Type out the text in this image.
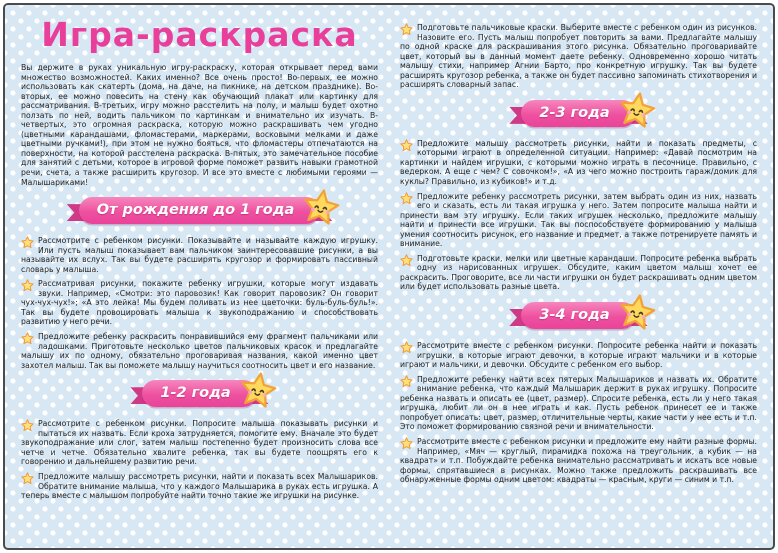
Игра-раскраска

Вы держите в руках уникальную игру-раскраску, которая открывает перед вами множество возможностей. Каких именно? Все очень просто! Во-первых, ее можно использовать как скатерть (дома, на даче, на пикнике, на детском празднике). Во-вторых, ее можно повесить на стену как обучающий плакат или картинку для рассматривания. В-третьих, игру можно расстелить на полу, и малыш будет охотно ползать по ней, водить пальчиком по картинкам и внимательно их изучать. В-четвертых, это огромная раскраска, которую можно раскрашивать чем угодно (цветными карандашами, фломастерами, маркерами, восковыми мелками и даже цветными ручками!), при этом не нужно бояться, что фломастеры отпечатаются на поверхности, на которой расстелена раскраска. В-пятых, это замечательное пособие для занятий с детьми, которое в игровой форме поможет развить навыки грамотной речи, счета, а также расширить кругозор. И все это вместе с любимыми героями — Малышариками!

От рождения до 1 года

Рассмотрите с ребенком рисунки. Показывайте и называйте каждую игрушку. Или пусть малыш показывает вам пальчиком заинтересовавшие рисунки, а вы называйте их вслух. Так вы будете расширять кругозор и формировать пассивный словарь у малыша.

Рассматривая рисунки, покажите ребенку игрушки, которые могут издавать звуки. Например, «Смотри: это паровозик! Как говорит паровозик? Он говорит чух-чух-чух!»; «А это лейка! Мы будем поливать из нее цветочки: буль-буль-буль!». Так вы будете провоцировать малыша к звукоподражанию и способствовать развитию у него речи.

Предложите ребенку раскрасить понравившийся ему фрагмент пальчиками или ладошками. Приготовьте несколько цветов пальчиковых красок и предлагайте малышу их по одному, обязательно проговаривая названия, какой именно цвет захотел малыш. Так вы поможете малышу научиться соотносить цвет и его название.

1-2 года

Рассмотрите с ребенком рисунки. Попросите малыша показывать рисунки и пытаться их назвать. Если кроха затрудняется, помогите ему. Вначале это будет звукоподражание или слог, затем малыш постепенно будет произносить слова все четче и четче. Обязательно хвалите ребенка, так вы будете поощрять его к говорению и дальнейшему развитию речи.

Предложите малышу рассмотреть рисунки, найти и показать всех Малышариков. Обратите внимание малыша, что у каждого Малышарика в руках есть игрушка. А теперь вместе с малышом попробуйте найти точно такие же игрушки на рисунке.

Подготовьте пальчиковые краски. Выберите вместе с ребенком один из рисунков. Назовите его. Пусть малыш попробует повторить за вами. Предлагайте малышу по одной краске для раскрашивания этого рисунка. Обязательно проговаривайте цвет, который вы в данный момент даете ребенку. Одновременно хорошо читать малышу стихи, например Агнии Барто, про конкретную игрушку. Так вы будете расширять кругозор ребенка, а также он будет пассивно запоминать стихотворения и расширять словарный запас.

2-3 года

Предложите малышу рассмотреть рисунки, найти и показать предметы, с которыми играют в определенной ситуации. Например: «Давай посмотрим на картинки и найдем игрушки, с которыми можно играть в песочнице. Правильно, с ведерком. А еще с чем? С совочком!», «А из чего можно построить гараж/домик для куклы? Правильно, из кубиков!» и т.д.

Предложите ребенку рассмотреть рисунки, затем выбрать один из них, назвать его и сказать, есть ли такая игрушка у него. Затем попросите малыша найти и принести вам эту игрушку. Если таких игрушек несколько, предложите малышу найти и принести все игрушки. Так вы поспособствуете формированию у малыша умения соотносить рисунок, его название и предмет, а также потренируете память и внимание.

Подготовьте краски, мелки или цветные карандаши. Попросите ребенка выбрать одну из нарисованных игрушек. Обсудите, каким цветом малыш хочет ее раскрасить. Проговорите, все ли части игрушки он будет раскрашивать одним цветом или будет использовать разные цвета.

3-4 года

Рассмотрите вместе с ребенком рисунки. Попросите ребенка найти и показать игрушки, в которые играют девочки, в которые играют мальчики и в которые играют и мальчики, и девочки. Обсудите с ребенком его выбор.

Предложите ребенку найти всех пятерых Малышариков и назвать их. Обратите внимание ребенка, что каждый Малышарик держит в руках игрушку. Попросите ребенка назвать и описать ее (цвет, размер). Спросите ребенка, есть ли у него такая игрушка, любит ли он в нее играть и как. Пусть ребенок принесет ее и также попробует описать: цвет, размер, отличительные черты, какие части у нее есть и т.п. Это поможет формированию связной речи и внимательности.

Рассмотрите вместе с ребенком рисунки и предложите ему найти разные формы. Например, «Мяч — круглый, пирамидка похожа на треугольник, а кубик — на квадрат» и т.п. Побуждайте ребенка внимательно рассматривать и искать все новые формы, спрятавшиеся в рисунках. Можно также предложить раскрашивать все обнаруженные формы одним цветом: квадраты — красным, круги — синим и т.п.
